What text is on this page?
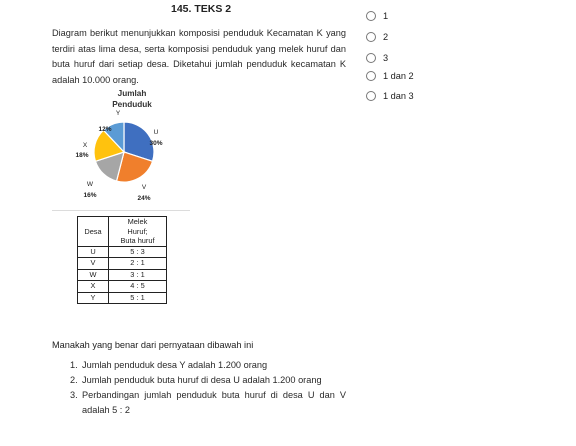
145. TEKS 2
Diagram berikut menunjukkan komposisi penduduk Kecamatan K yang terdiri atas lima desa, serta komposisi penduduk yang melek huruf dan buta huruf dari setiap desa. Diketahui jumlah penduduk kecamatan K adalah 10.000 orang.
1
2
3
1 dan 2
1 dan 3
Jumlah
Penduduk
U
30%
V
24%
W
16%
X
18%
Y
12%
Desa	Melek
Huruf;
Buta huruf

U	5 : 3
V	2 : 1
W	3 : 1
X	4 : 5
Y	5 : 1
Manakah yang benar dari pernyataan dibawah ini
1. Jumlah penduduk desa Y adalah 1.200 orang
2. Jumlah penduduk buta huruf di desa U adalah 1.200 orang
3. Perbandingan jumlah penduduk buta huruf di desa U dan V adalah 5 : 2
